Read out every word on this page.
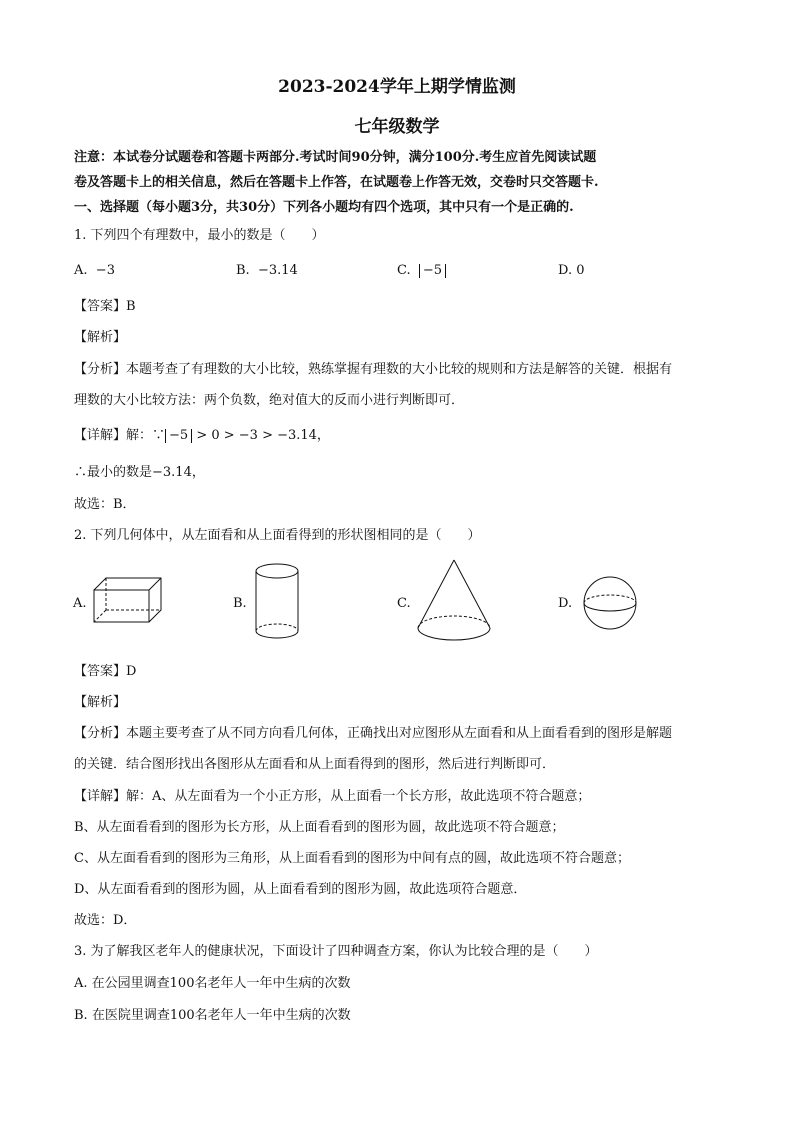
2023-2024学年上期学情监测
七年级数学
注意：本试卷分试题卷和答题卡两部分.考试时间90分钟，满分100分.考生应首先阅读试题
卷及答题卡上的相关信息，然后在答题卡上作答，在试题卷上作答无效，交卷时只交答题卡.
一、选择题（每小题3分，共30分）下列各小题均有四个选项，其中只有一个是正确的.
1. 下列四个有理数中，最小的数是（　　）
A. −3	B. −3.14	C. −5	D. 0
【答案】B
【解析】
【分析】本题考查了有理数的大小比较，熟练掌握有理数的大小比较的规则和方法是解答的关键．根据有
理数的大小比较方法：两个负数，绝对值大的反而小进行判断即可．
【详解】解：∵ −5 > 0 > −3 > −3.14，
∴最小的数是−3.14，
故选：B．
2. 下列几何体中，从左面看和从上面看得到的形状图相同的是（　　）
A.	B.	C.	D.
【答案】D
【解析】
【分析】本题主要考查了从不同方向看几何体，正确找出对应图形从左面看和从上面看看到的图形是解题
的关键．结合图形找出各图形从左面看和从上面看得到的图形，然后进行判断即可．
【详解】解：A、从左面看为一个小正方形，从上面看一个长方形，故此选项不符合题意；
B、从左面看看到的图形为长方形，从上面看看到的图形为圆，故此选项不符合题意；
C、从左面看看到的图形为三角形，从上面看看到的图形为中间有点的圆，故此选项不符合题意；
D、从左面看看到的图形为圆，从上面看看到的图形为圆，故此选项符合题意．
故选：D．
3. 为了解我区老年人的健康状况，下面设计了四种调查方案，你认为比较合理的是（　　）
A. 在公园里调查100名老年人一年中生病的次数
B. 在医院里调查100名老年人一年中生病的次数
